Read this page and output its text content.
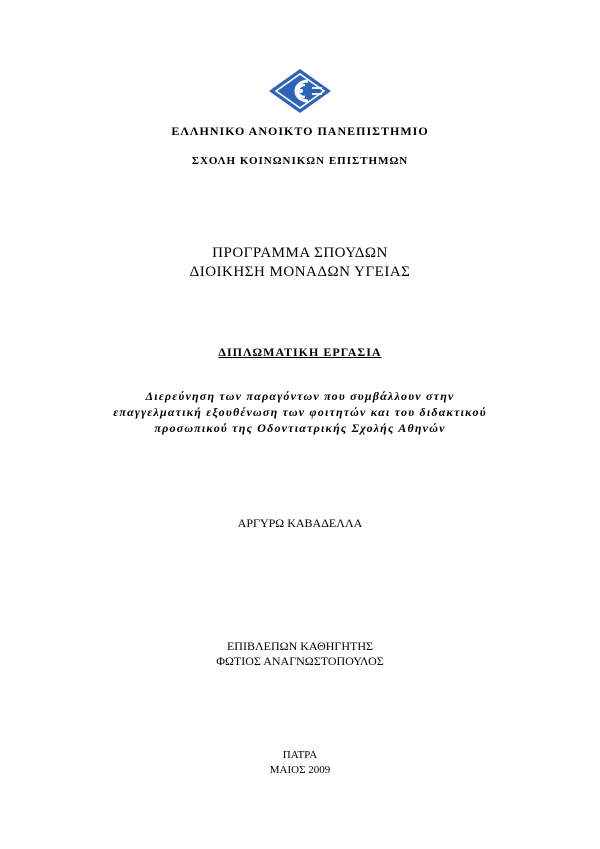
ΕΛΛΗΝΙΚΟ ΑΝΟΙΚΤΟ ΠΑΝΕΠΙΣΤΗΜΙΟ
ΣΧΟΛΗ ΚΟΙΝΩΝΙΚΩΝ ΕΠΙΣΤΗΜΩΝ
ΠΡΟΓΡΑΜΜΑ ΣΠΟΥΔΩΝ
ΔΙΟΙΚΗΣΗ ΜΟΝΑΔΩΝ ΥΓΕΙΑΣ
ΔΙΠΛΩΜΑΤΙΚΗ ΕΡΓΑΣΙΑ
Διερεύνηση των παραγόντων που συμβάλλουν στην
επαγγελματική εξουθένωση των φοιτητών και του διδακτικού
προσωπικού της Οδοντιατρικής Σχολής Αθηνών
ΑΡΓΥΡΩ ΚΑΒΑΔΕΛΛΑ
ΕΠΙΒΛΕΠΩΝ ΚΑΘΗΓΗΤΗΣ
ΦΩΤΙΟΣ ΑΝΑΓΝΩΣΤΟΠΟΥΛΟΣ
ΠΑΤΡΑ
ΜΑΙΟΣ 2009
